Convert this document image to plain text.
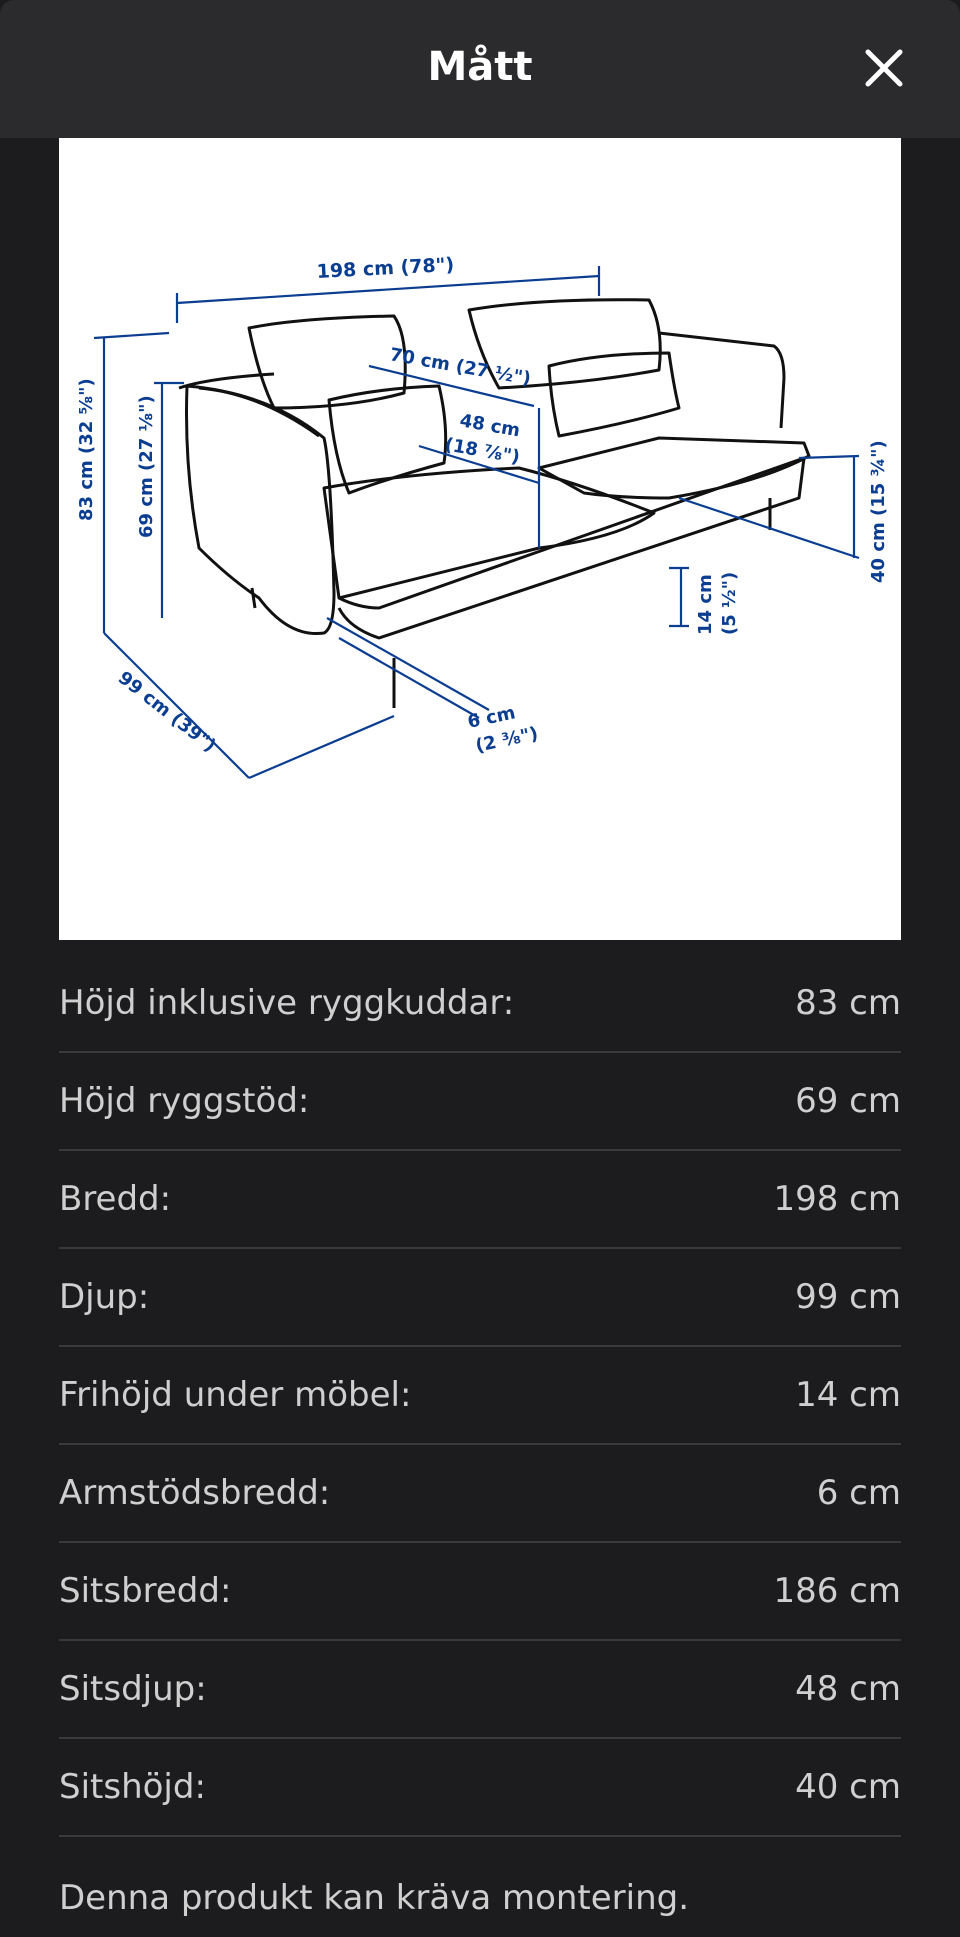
Mått
198 cm (78")
83 cm (32 ⅝") 69 cm (27 ⅛")
99 cm (39")
70 cm (27 ½")
48 cm
(18 ⅞")
6 cm
(2 ⅜")
14 cm (5 ½")
40 cm (15 ¾")
Höjd inklusive ryggkuddar:	83 cm
Höjd ryggstöd:	69 cm
Bredd:	198 cm
Djup:	99 cm
Frihöjd under möbel:	14 cm
Armstödsbredd:	6 cm
Sitsbredd:	186 cm
Sitsdjup:	48 cm
Sitshöjd:	40 cm
Denna produkt kan kräva montering.
